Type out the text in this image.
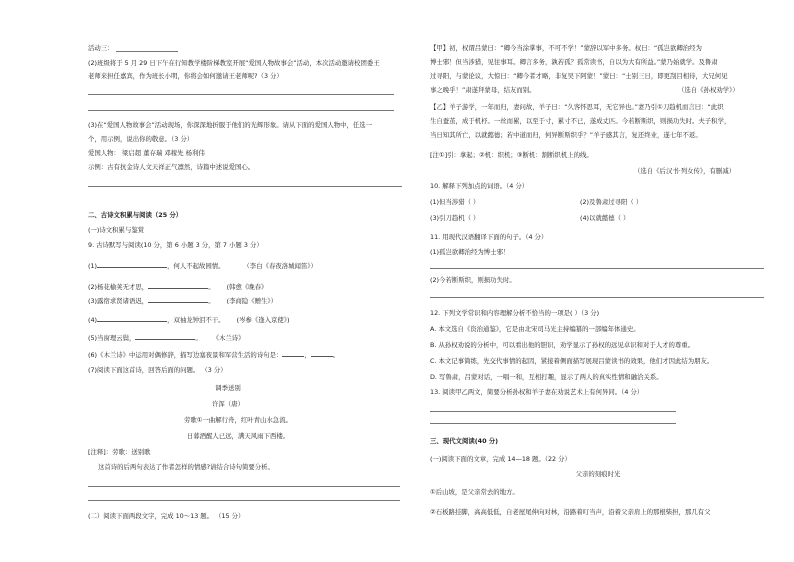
活动三：
(2)班级将于 5 月 29 日下午在行知教学楼阶梯教室开展“爱国人物故事会”活动，本次活动邀请校团委王
老师来担任嘉宾，作为班长小明，你将会如何邀请王老师呢?（3 分）
(3)在“爱国人物故事会”活动现场，你深深地折服于他们的光辉形象。请从下面的爱国人物中，任选一
个，用示例，说出你的敬意。（3 分）
爱国人物： 梁启超 董存瑞 邓稼先 杨利伟
示例：古有抗金诗人文天祥正气凛然，诗篇中述说爱国心。
二、古诗文积累与阅读（25 分）
(一)诗文积累与鉴赏
9. 古诗默写与阅读(10 分，第 6 小题 3 分，第 7 小题 3 分）
(1)	，何人不起故园情。	（李白《春夜洛城闻笛》）
(2)杨花榆荚无才思，	。 (韩愈《晚春》
(3)露宿求贤诸语迟，	。 (李商隐《赠生》）
(4)	，双袖龙钟泪不干。 (岑参《逢入京使》)
(5)当窗理云鬓，	。 《木兰诗》
(6)《木兰诗》中运用对偶修辞，描写边塞夜景和军营生活的诗句是：	，	。
(7)阅读下面这首诗，回答后面的问题。 （3 分）
调季送别
许浑（唐）
劳歌①一曲解行舟，红叶青山水急流。
日暮酒醒人已远，满天风雨下西楼。
[注释]：劳歌：送别歌
这首诗的后两句表达了作者怎样的情感?请结合诗句简要分析。
(二）阅读下面两段文字，完成 10～13 题。 （15 分）
【甲】初，权谓吕蒙曰：“卿今当涂掌事，不可不学！”蒙辞以军中多务。权曰：“孤岂欲卿治经为
博士邪！但当涉猎，见往事耳。卿言多务，孰若孤？孤常读书，自以为大有所益。”蒙乃始就学。及鲁肃
过寻阳，与蒙论议，大惊曰：“卿今者才略，非复吴下阿蒙！”蒙曰：“士别三日，即更刮目相待，大兄何见
事之晚乎！”肃遂拜蒙母，结友而别。	（选自《孙权劝学》）
【乙】羊子游学，一年而归，妻问故，羊子曰：“久客怀思耳，无它异也。”妻乃引①刀趋机而言曰：“此织
生自蚕茧，成于机杼。一丝而累，以至于寸，累寸不已，遂成丈匹。今若断斯织，则损功失时。夫子积学，
当日知其所亡，以就懿德；若中道而归，何异断斯织乎？”羊子感其言，复还终业，遂七年不返。
[注①]引：拿起；②机：织机；③断机：割断织机上的线。
（选自《后汉书·列女传》，有删减）
10. 解释下列加点的词语。（4 分）
(1)但当涉猎（ ）	(2)及鲁肃过寻阳（ ）
(3)引刀趋机（ ）	(4)以就懿德（ ）
11. 用现代汉语翻译下面的句子。（4 分）
(1)孤岂欲卿治经为博士邪！
(2)今若断斯织，则损功失时。
12. 下列文学常识和内容理解分析不恰当的一项是( ）（3 分)
A. 本文选自《资治通鉴》，它是由北宋司马光主持编纂的一部编年体通史。
B. 从孙权劝说的分析中，可以看出他的胆识，劝学显示了孙权的远见卓识和对于人才的尊重。
C. 本文记事简练，先交代事情的起因，紧接着侧面描写展现吕蒙读书的效果，他们才因此结为朋友。
D. 写鲁肃，吕蒙对话，一唱一和，互相打趣，显示了两人的真实性情和融洽关系。
13. 阅读甲乙两文，简要分析孙权和羊子妻在劝说艺术上有何异同。（4 分）
三、现代文阅读(40 分)
(一)阅读下面的文章，完成 14—18 题。（22 分）
父亲的刻痕时光
①后山坡，是父亲常去的地方。
②石板路挂脚，高高低低，自老屋尾伸向对林，沿路着叮当声，沿着父亲肩上的那根柴担，那几有父
